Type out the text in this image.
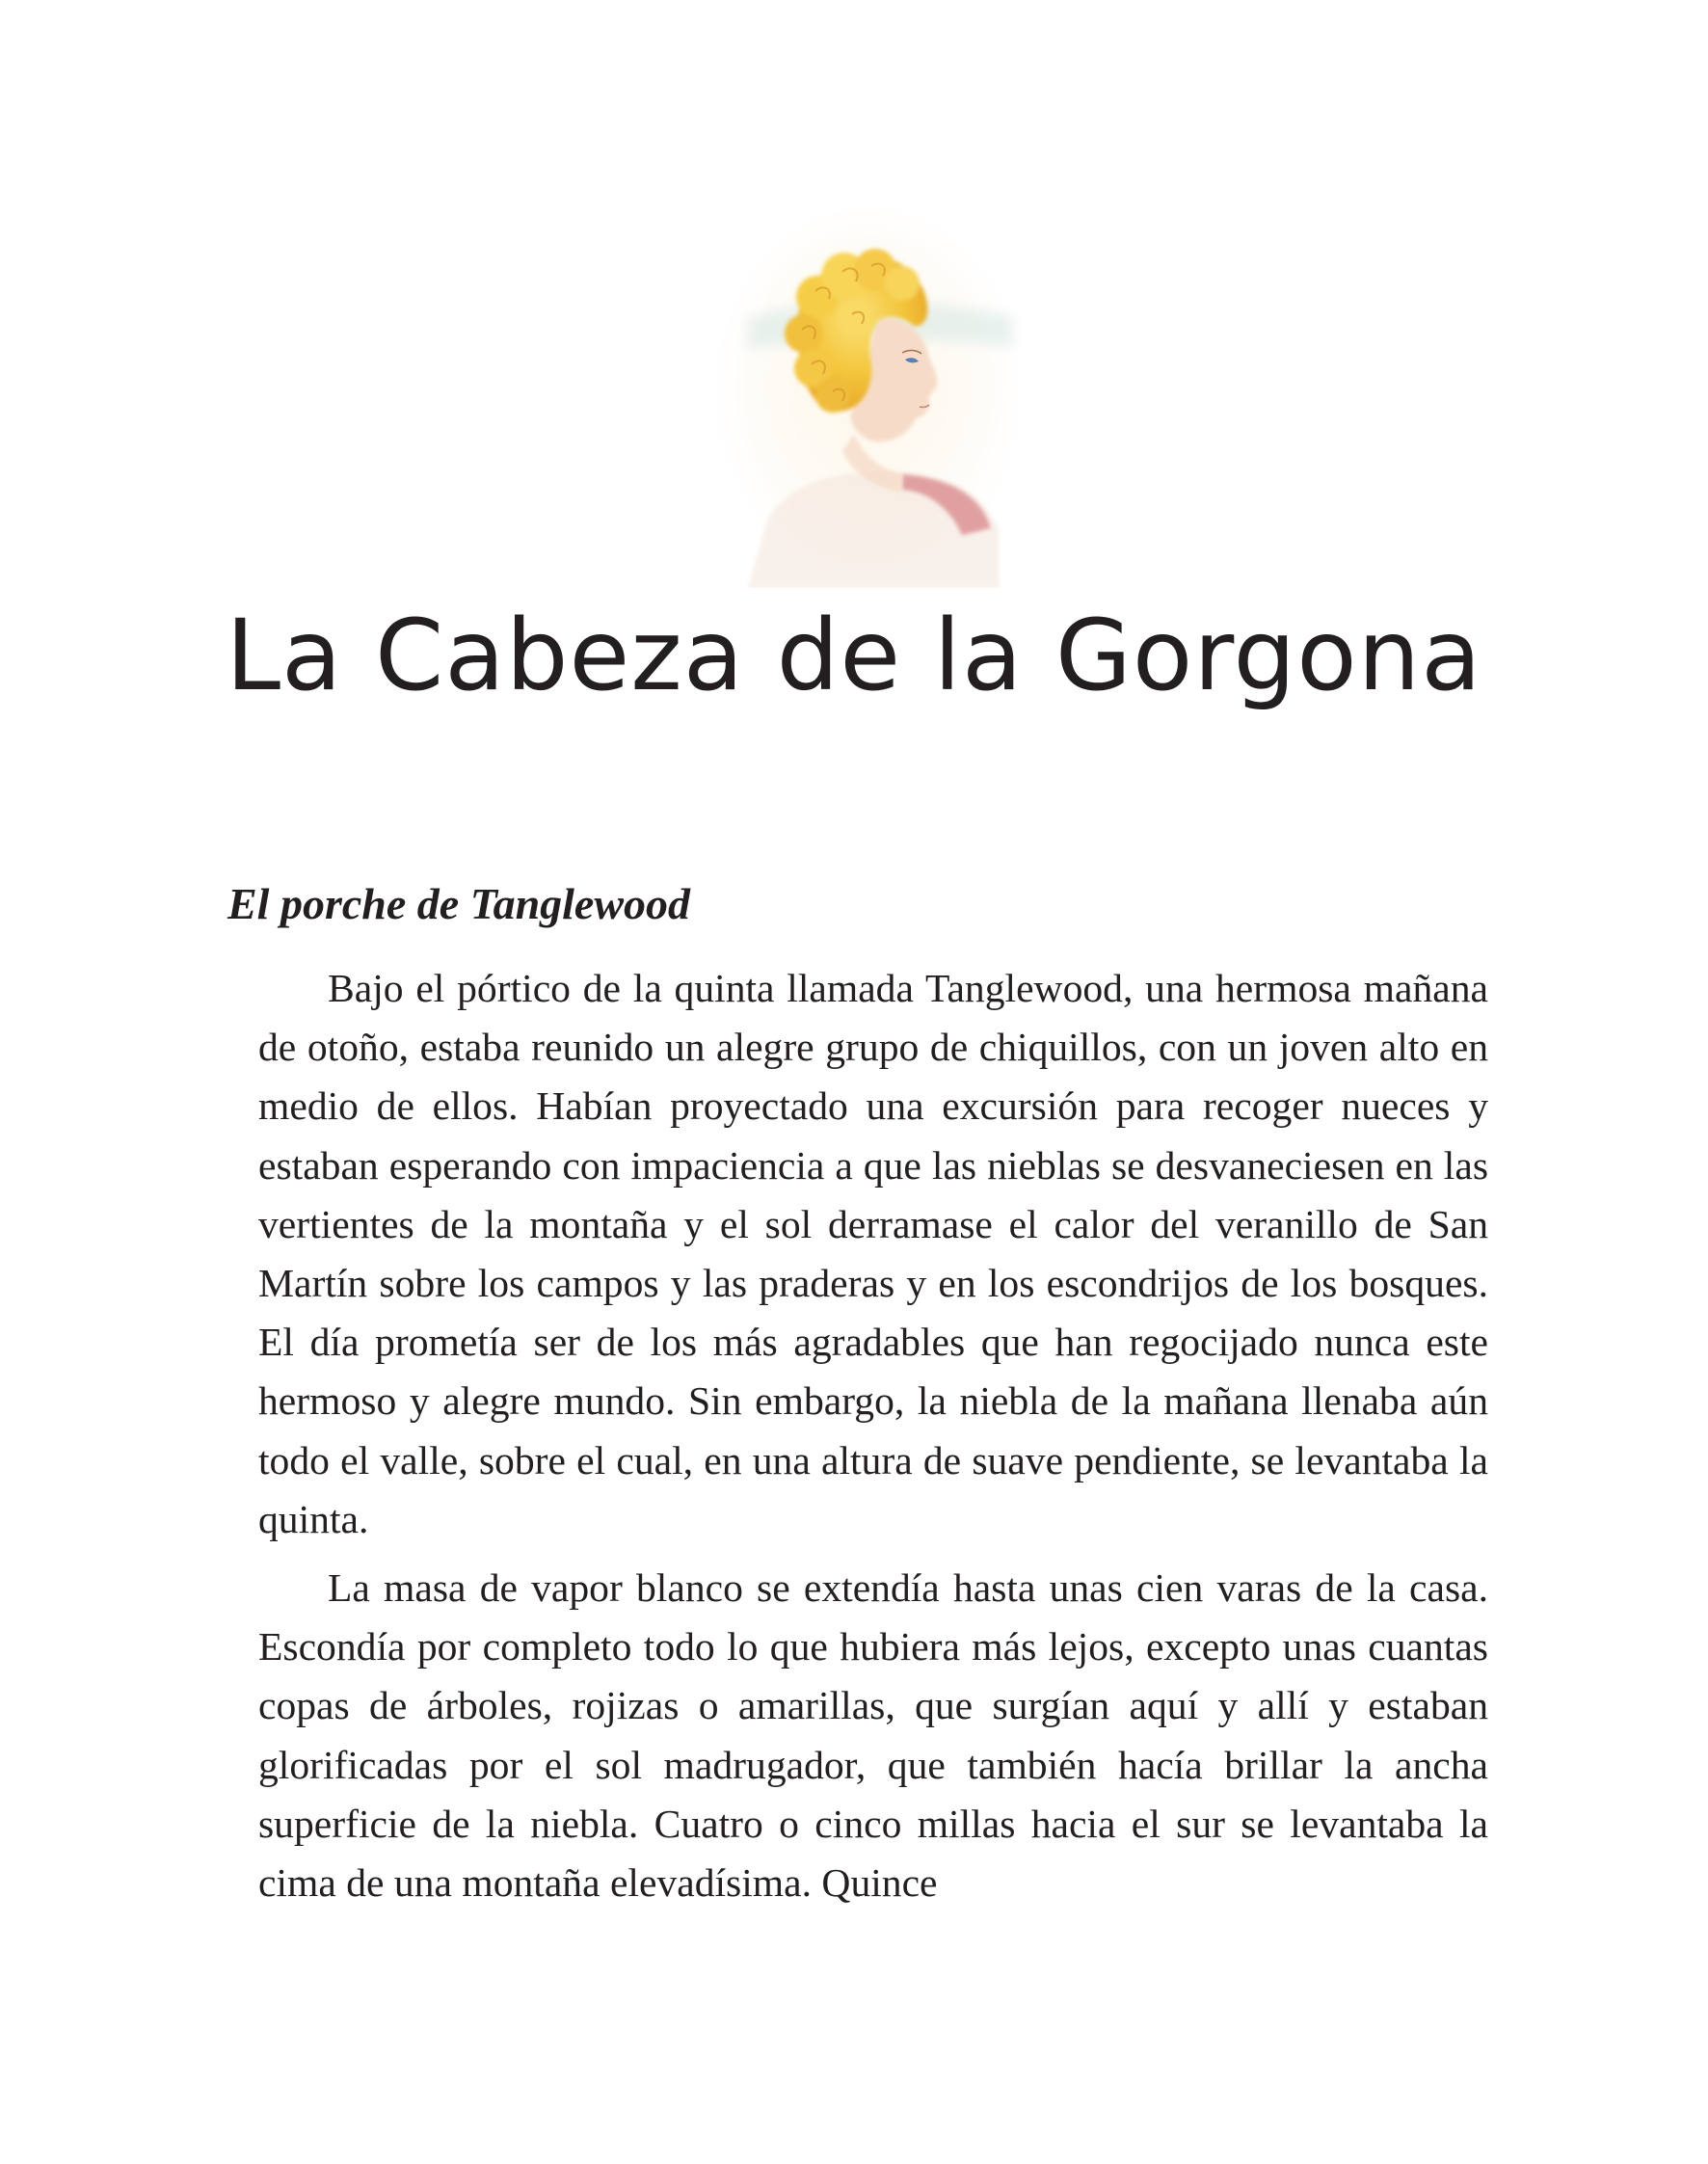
La Cabeza de la Gorgona
El porche de Tanglewood

Bajo el pórtico de la quinta llamada Tanglewood, una hermosa mañana de otoño, estaba reunido un alegre grupo de chiquillos, con un joven alto en medio de ellos. Habían proyectado una excursión para recoger nueces y estaban esperando con impaciencia a que las nieblas se desvaneciesen en las vertientes de la montaña y el sol derramase el calor del veranillo de San Martín sobre los campos y las praderas y en los escondrijos de los bosques. El día prometía ser de los más agradables que han regocijado nunca este hermoso y alegre mundo. Sin embargo, la niebla de la mañana llenaba aún todo el valle, sobre el cual, en una altura de suave pendiente, se levantaba la quinta.

La masa de vapor blanco se extendía hasta unas cien varas de la casa. Escondía por completo todo lo que hubiera más lejos, excepto unas cuantas copas de árboles, rojizas o amarillas, que surgían aquí y allí y estaban glorificadas por el sol madrugador, que también hacía brillar la ancha superficie de la niebla. Cuatro o cinco millas hacia el sur se levantaba la cima de una montaña elevadísima. Quince
